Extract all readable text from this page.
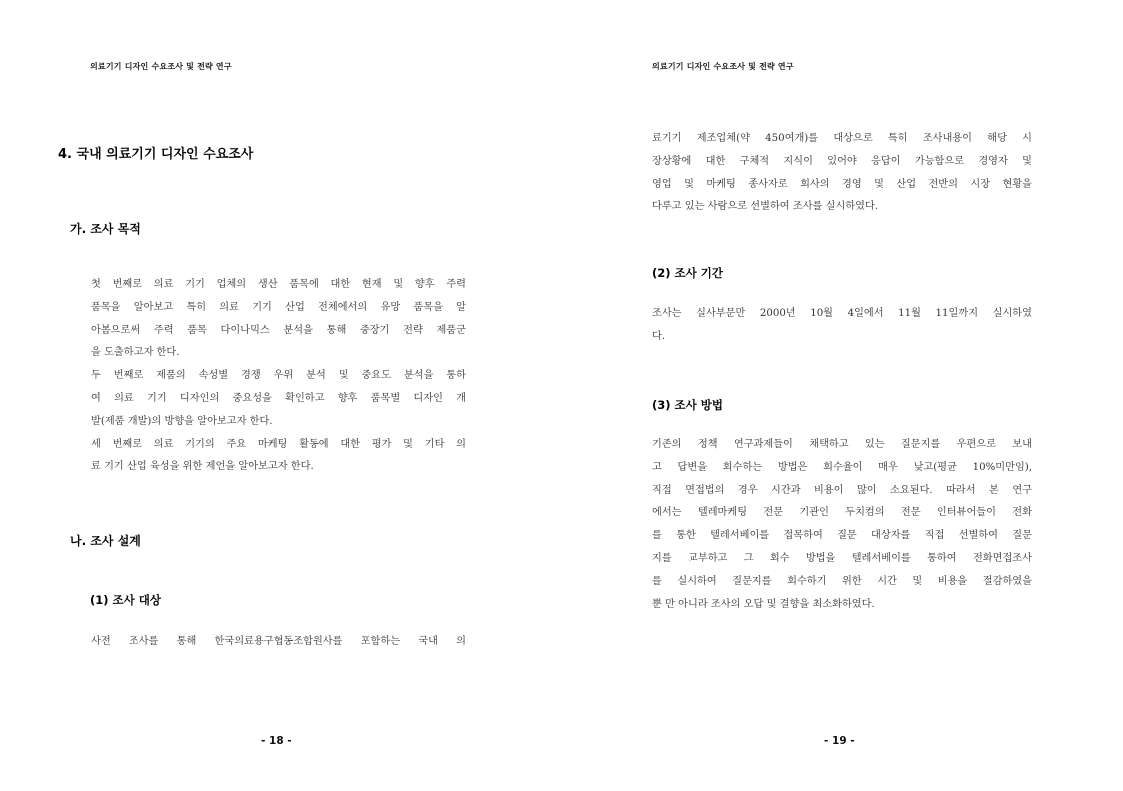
의료기기 디자인 수요조사 및 전략 연구
4. 국내 의료기기 디자인 수요조사
가. 조사 목적
첫 번째로 의료 기기 업체의 생산 품목에 대한 현재 및 향후 주력
품목을 알아보고 특히 의료 기기 산업 전체에서의 유망 품목을 알
아봄으로써 주력 품목 다이나믹스 분석을 통해 중장기 전략 제품군
을 도출하고자 한다.
두 번째로 제품의 속성별 경쟁 우위 분석 및 중요도 분석을 통하
여 의료 기기 디자인의 중요성을 확인하고 향후 품목별 디자인 개
발(제품 개발)의 방향을 알아보고자 한다.
세 번째로 의료 기기의 주요 마케팅 활동에 대한 평가 및 기타 의
료 기기 산업 육성을 위한 제언을 알아보고자 한다.
나. 조사 설계
(1) 조사 대상
사전 조사를 통해 한국의료용구협동조합원사를 포함하는 국내 의
- 18 -
의료기기 디자인 수요조사 및 전략 연구
료기기 제조업체(약 450여개)를 대상으로 특히 조사내용이 해당 시
장상황에 대한 구체적 지식이 있어야 응답이 가능함으로 경영자 및
영업 및 마케팅 종사자로 회사의 경영 및 산업 전반의 시장 현황을
다루고 있는 사람으로 선별하여 조사를 실시하였다.
(2) 조사 기간
조사는 실사부문만 2000년 10월 4일에서 11월 11일까지 실시하였
다.
(3) 조사 방법
기존의 정책 연구과제들이 채택하고 있는 질문지를 우편으로 보내
고 답변을 회수하는 방법은 회수율이 매우 낮고(평균 10%미만임),
직접 면접법의 경우 시간과 비용이 많이 소요된다. 따라서 본 연구
에서는 텔레마케팅 전문 기관인 두치컴의 전문 인터뷰어들이 전화
를 통한 텔레서베이를 접목하여 질문 대상자를 직접 선별하여 질문
지를 교부하고 그 회수 방법을 텔레서베이를 통하여 전화면접조사
를 실시하여 질문지를 회수하기 위한 시간 및 비용을 절감하였을
뿐 만 아니라 조사의 오답 및 결향을 최소화하였다.
- 19 -
